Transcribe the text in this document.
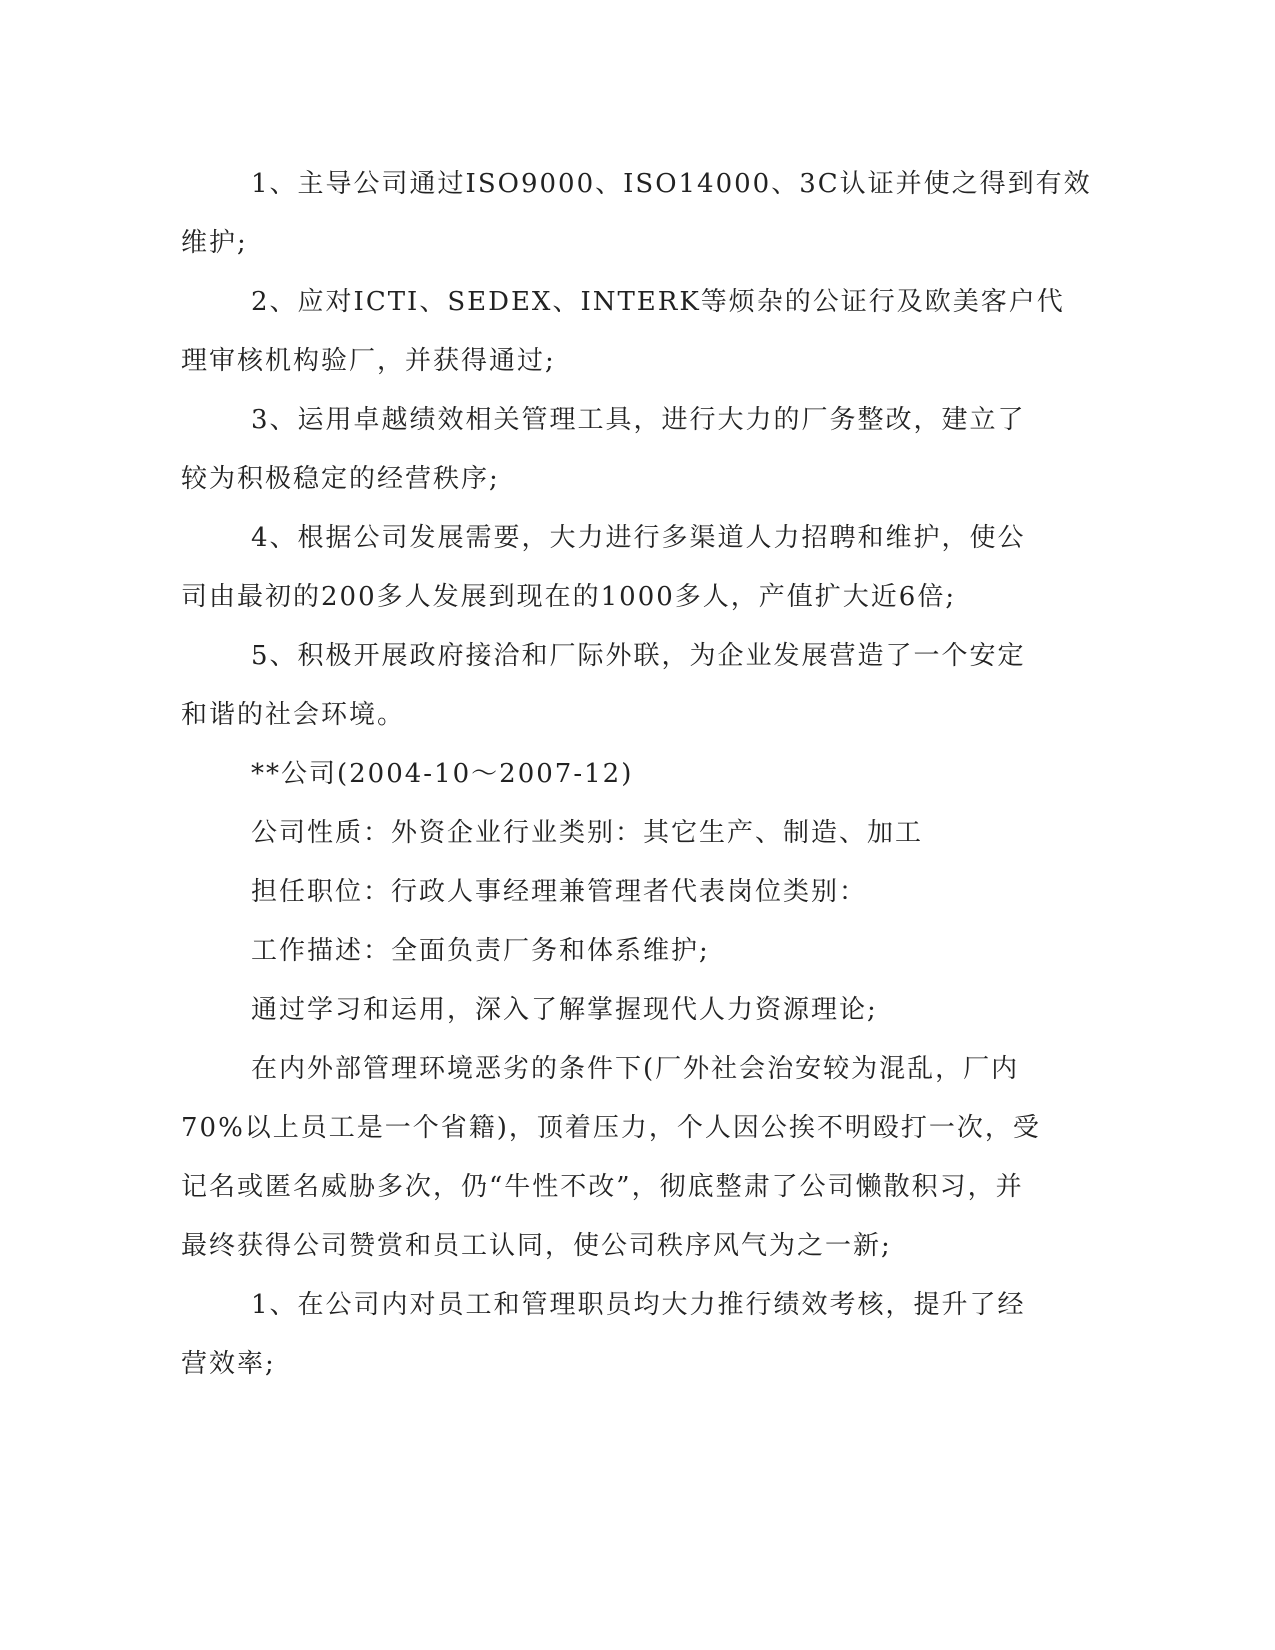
1、主导公司通过ISO9000、ISO14000、3C认证并使之得到有效
维护;
2、应对ICTI、SEDEX、INTERK等烦杂的公证行及欧美客户代
理审核机构验厂，并获得通过;
3、运用卓越绩效相关管理工具，进行大力的厂务整改，建立了
较为积极稳定的经营秩序;
4、根据公司发展需要，大力进行多渠道人力招聘和维护，使公
司由最初的200多人发展到现在的1000多人，产值扩大近6倍;
5、积极开展政府接洽和厂际外联，为企业发展营造了一个安定
和谐的社会环境。
**公司(2004-10～2007-12)
公司性质：外资企业行业类别：其它生产、制造、加工
担任职位：行政人事经理兼管理者代表岗位类别：
工作描述：全面负责厂务和体系维护;
通过学习和运用，深入了解掌握现代人力资源理论;
在内外部管理环境恶劣的条件下(厂外社会治安较为混乱，厂内
70%以上员工是一个省籍)，顶着压力，个人因公挨不明殴打一次，受
记名或匿名威胁多次，仍“牛性不改”，彻底整肃了公司懒散积习，并
最终获得公司赞赏和员工认同，使公司秩序风气为之一新;
1、在公司内对员工和管理职员均大力推行绩效考核，提升了经
营效率;
